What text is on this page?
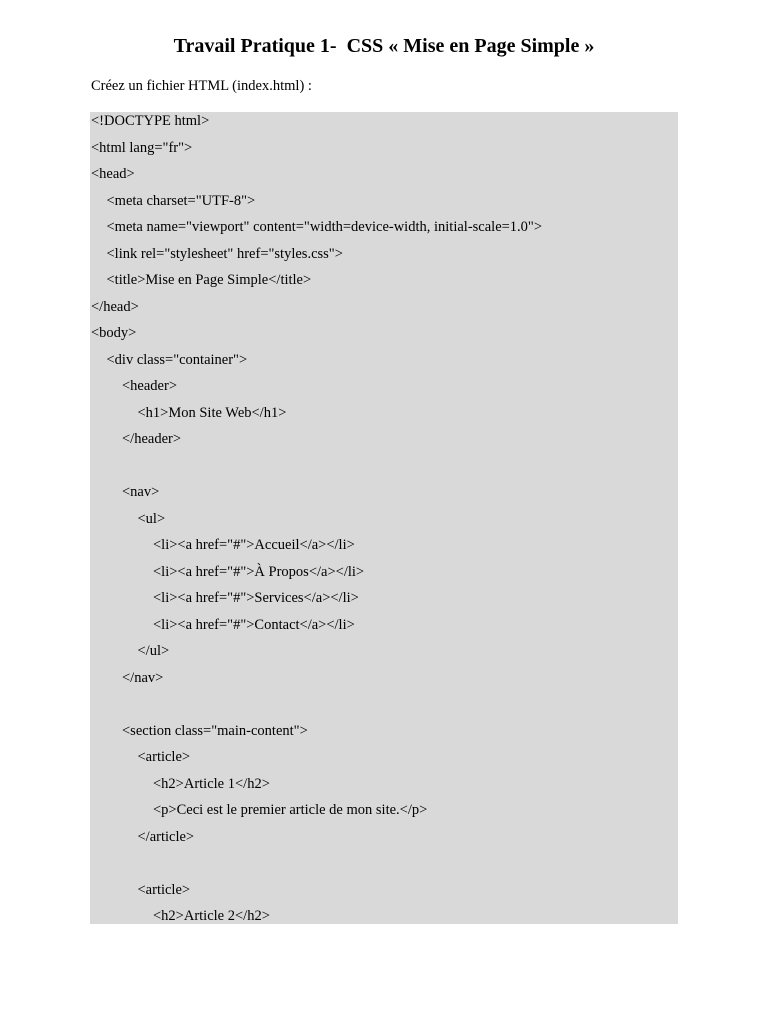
Travail Pratique 1-  CSS « Mise en Page Simple »

Créez un fichier HTML (index.html) :

<!DOCTYPE html>
<html lang="fr">
<head>
<meta charset="UTF-8">
<meta name="viewport" content="width=device-width, initial-scale=1.0">
<link rel="stylesheet" href="styles.css">
<title>Mise en Page Simple</title>
</head>
<body>
<div class="container">
<header>
<h1>Mon Site Web</h1>
</header>
<nav>
<ul>
<li><a href="#">Accueil</a></li>
<li><a href="#">À Propos</a></li>
<li><a href="#">Services</a></li>
<li><a href="#">Contact</a></li>
</ul>
</nav>
<section class="main-content">
<article>
<h2>Article 1</h2>
<p>Ceci est le premier article de mon site.</p>
</article>
<article>
<h2>Article 2</h2>
